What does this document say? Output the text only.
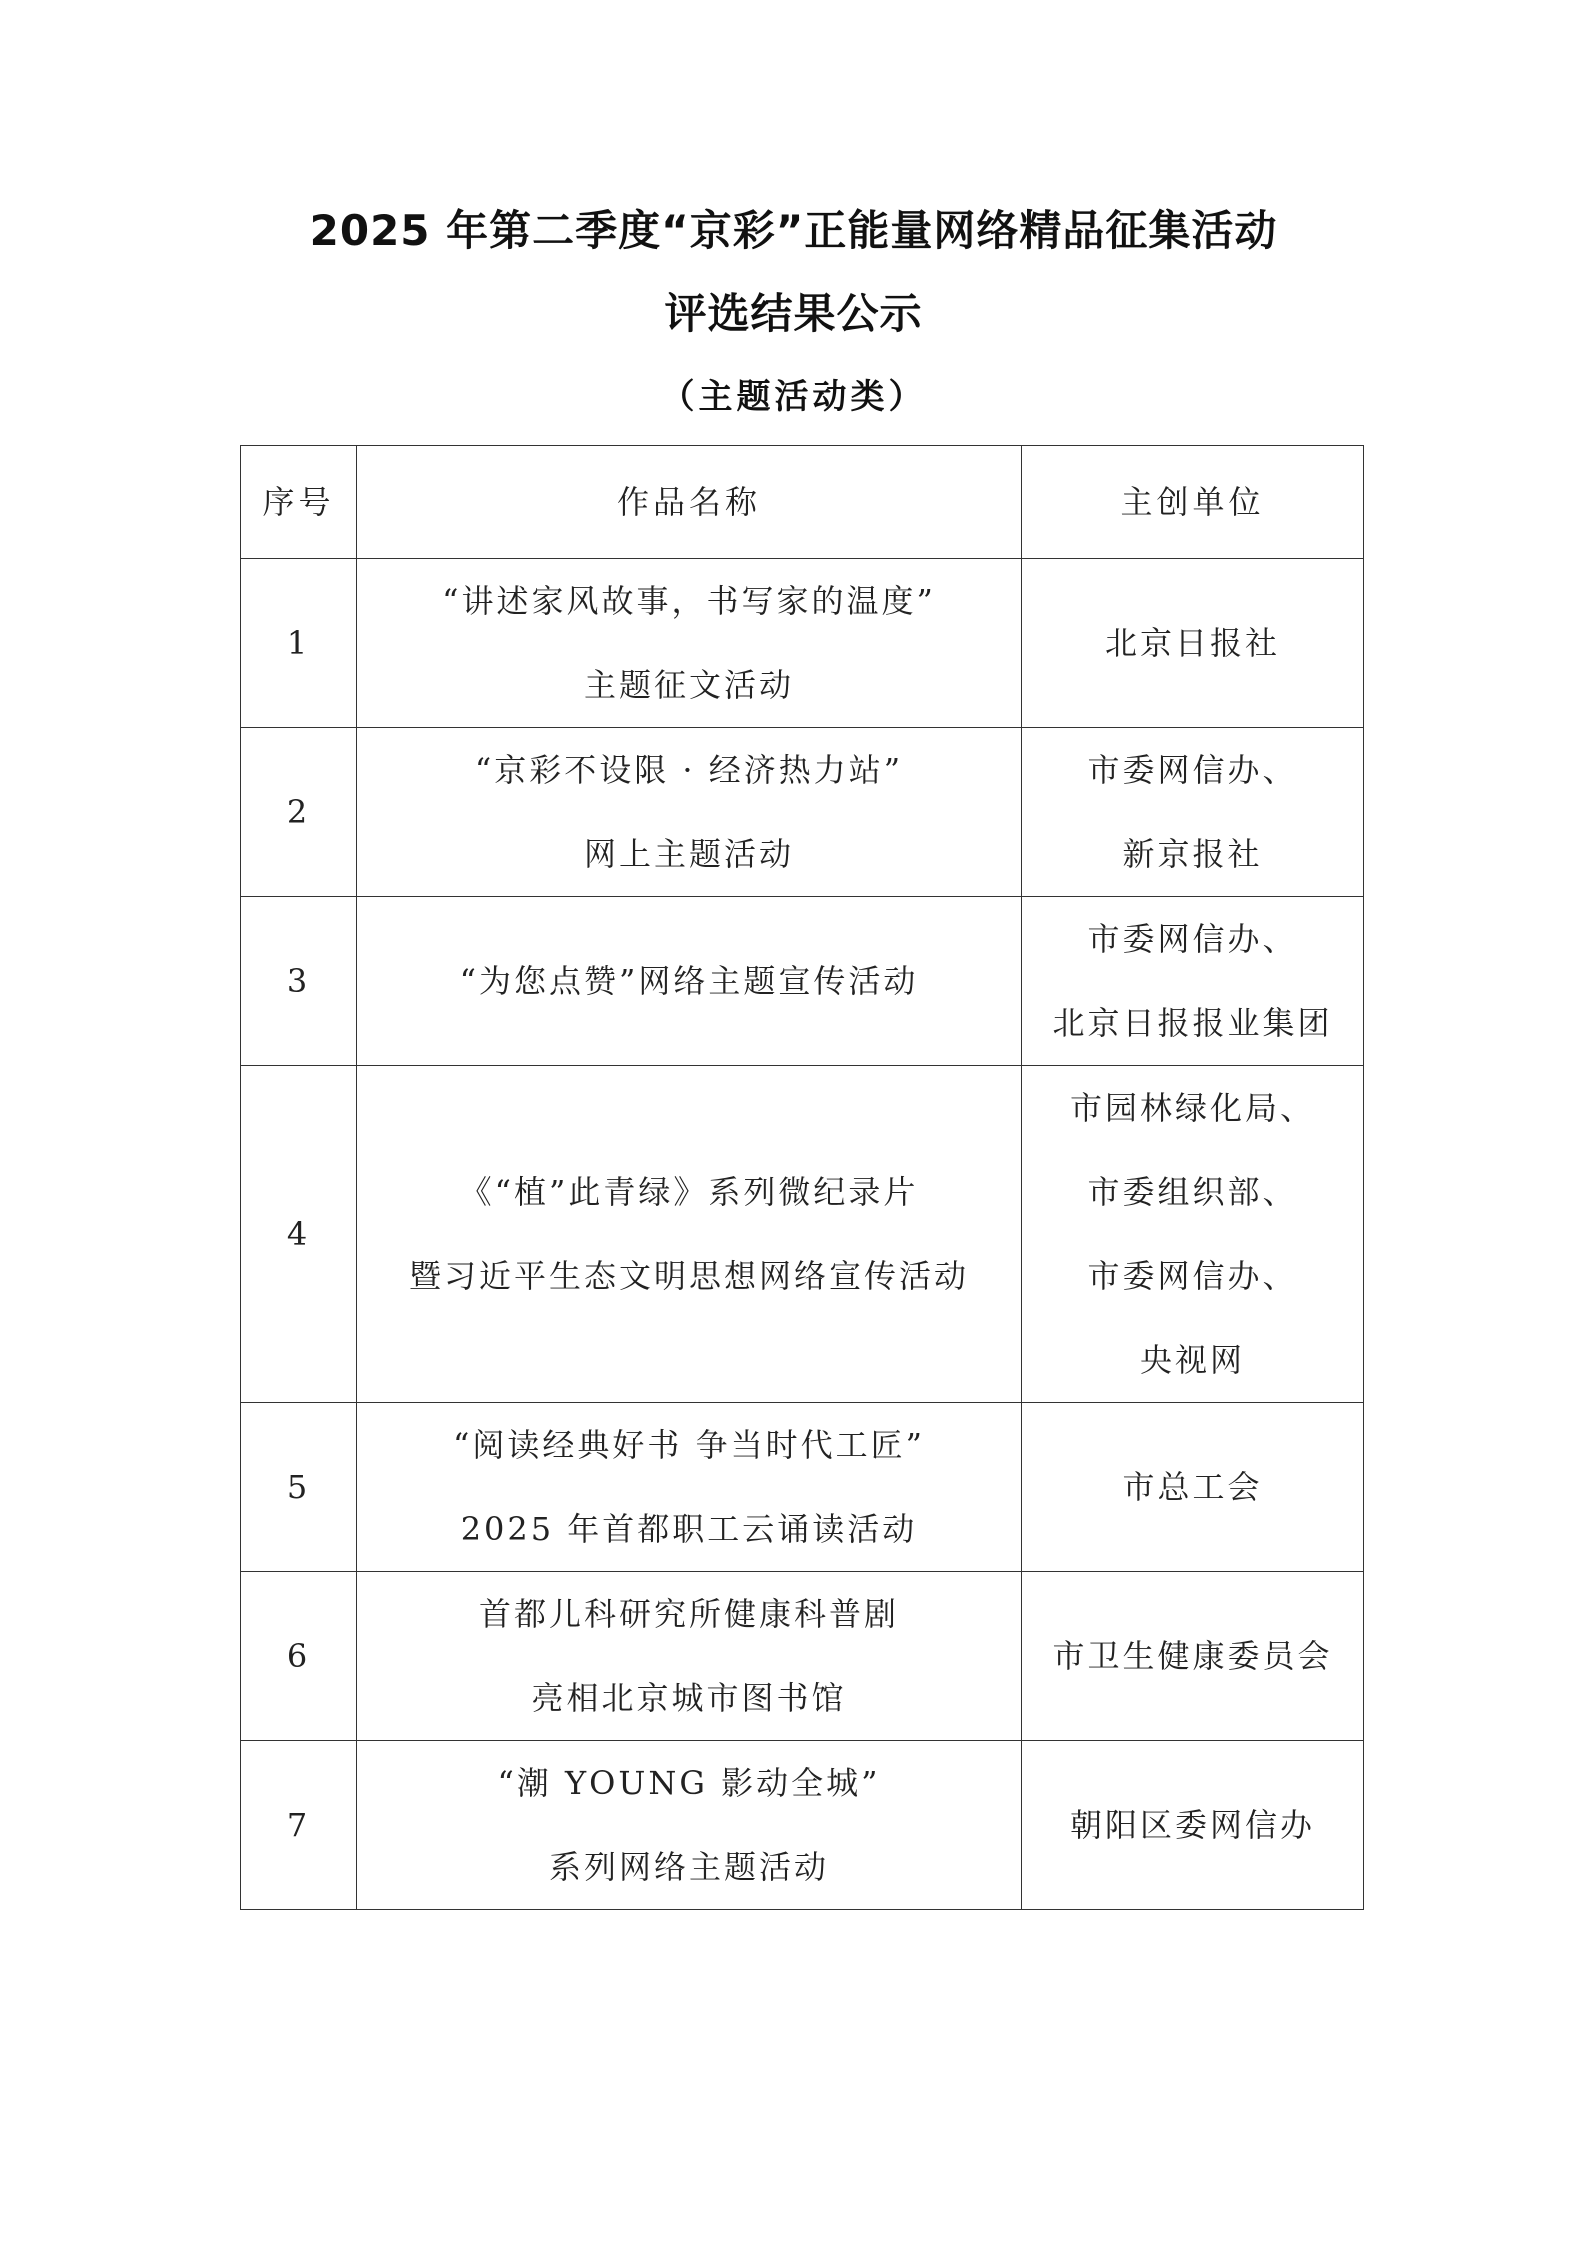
2025 年第二季度“京彩”正能量网络精品征集活动
评选结果公示
（主题活动类）
序号	作品名称	主创单位
1	“讲述家风故事，书写家的温度”
主题征文活动	北京日报社

2	“京彩不设限 · 经济热力站”
网上主题活动	市委网信办、
新京报社

3	“为您点赞”网络主题宣传活动	市委网信办、
北京日报报业集团

4	《“植”此青绿》系列微纪录片
暨习近平生态文明思想网络宣传活动	市园林绿化局、
市委组织部、
市委网信办、
央视网

5	“阅读经典好书 争当时代工匠”
2025 年首都职工云诵读活动	市总工会

6	首都儿科研究所健康科普剧
亮相北京城市图书馆	市卫生健康委员会

7	“潮 YOUNG 影动全城”
系列网络主题活动	朝阳区委网信办
